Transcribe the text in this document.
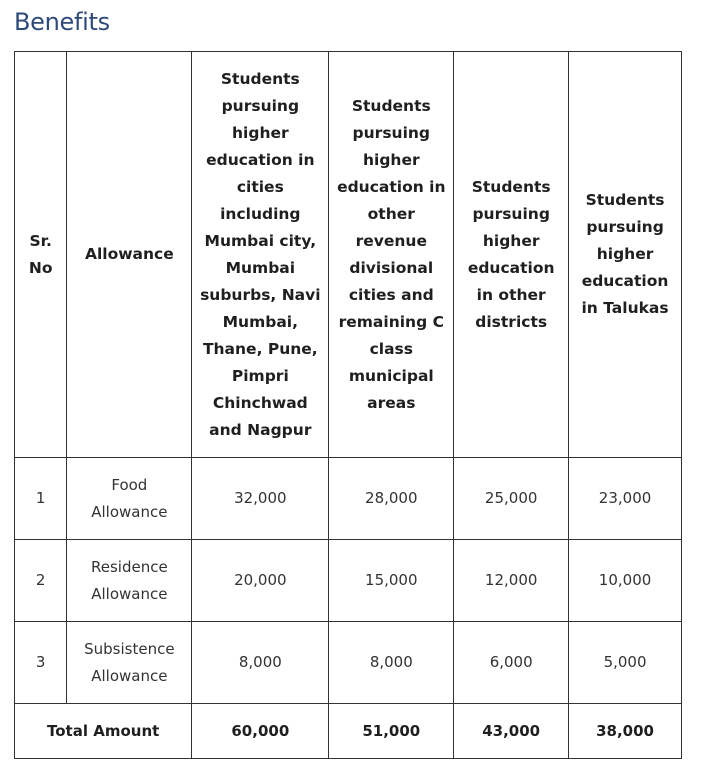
Benefits
Sr. No	Allowance	Students pursuing higher education in cities including Mumbai city, Mumbai suburbs, Navi Mumbai, Thane, Pune, Pimpri Chinchwad and Nagpur	Students pursuing higher education in other revenue divisional cities and remaining C class municipal areas	Students pursuing higher education in other districts	Students pursuing higher education in Talukas
1	Food Allowance	32,000	28,000	25,000	23,000
2	Residence Allowance	20,000	15,000	12,000	10,000
3	Subsistence Allowance	8,000	8,000	6,000	5,000
Total Amount		60,000	51,000	43,000	38,000
